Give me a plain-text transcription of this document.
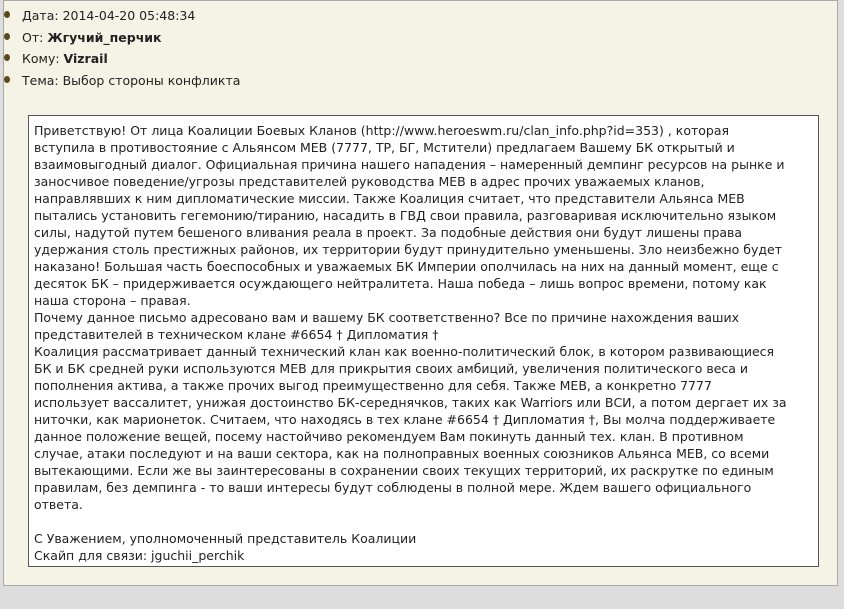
Дата: 2014-04-20 05:48:34
От: Жгучий_перчик
Кому: Vizrail
Тема: Выбор стороны конфликта

Приветствую! От лица Коалиции Боевых Кланов (http://www.heroeswm.ru/clan_info.php?id=353) , которая
вступила в противостояние с Альянсом МЕВ (7777, ТР, БГ, Мстители) предлагаем Вашему БК открытый и
взаимовыгодный диалог. Официальная причина нашего нападения – намеренный демпинг ресурсов на рынке и
заносчивое поведение/угрозы представителей руководства МЕВ в адрес прочих уважаемых кланов,
направлявших к ним дипломатические миссии. Также Коалиция считает, что представители Альянса МЕВ
пытались установить гегемонию/тиранию, насадить в ГВД свои правила, разговаривая исключительно языком
силы, надутой путем бешеного вливания реала в проект. За подобные действия они будут лишены права
удержания столь престижных районов, их территории будут принудительно уменьшены. Зло неизбежно будет
наказано! Большая часть боеспособных и уважаемых БК Империи ополчилась на них на данный момент, еще с
десяток БК – придерживается осуждающего нейтралитета. Наша победа – лишь вопрос времени, потому как
наша сторона – правая.

Почему данное письмо адресовано вам и вашему БК соответственно? Все по причине нахождения ваших
представителей в техническом клане #6654 † Дипломатия †

Коалиция рассматривает данный технический клан как военно-политический блок, в котором развивающиеся
БК и БК средней руки используются МЕВ для прикрытия своих амбиций, увеличения политического веса и
пополнения актива, а также прочих выгод преимущественно для себя. Также МЕВ, а конкретно 7777
использует вассалитет, унижая достоинство БК-середнячков, таких как Warriors или ВСИ, а потом дергает их за
ниточки, как марионеток. Считаем, что находясь в тех клане #6654 † Дипломатия †, Вы молча поддерживаете
данное положение вещей, посему настойчиво рекомендуем Вам покинуть данный тех. клан. В противном
случае, атаки последуют и на ваши сектора, как на полноправных военных союзников Альянса МЕВ, со всеми
вытекающими. Если же вы заинтересованы в сохранении своих текущих территорий, их раскрутке по единым
правилам, без демпинга - то ваши интересы будут соблюдены в полной мере. Ждем вашего официального
ответа.

С Уважением, уполномоченный представитель Коалиции
Скайп для связи: jguchii_perchik
